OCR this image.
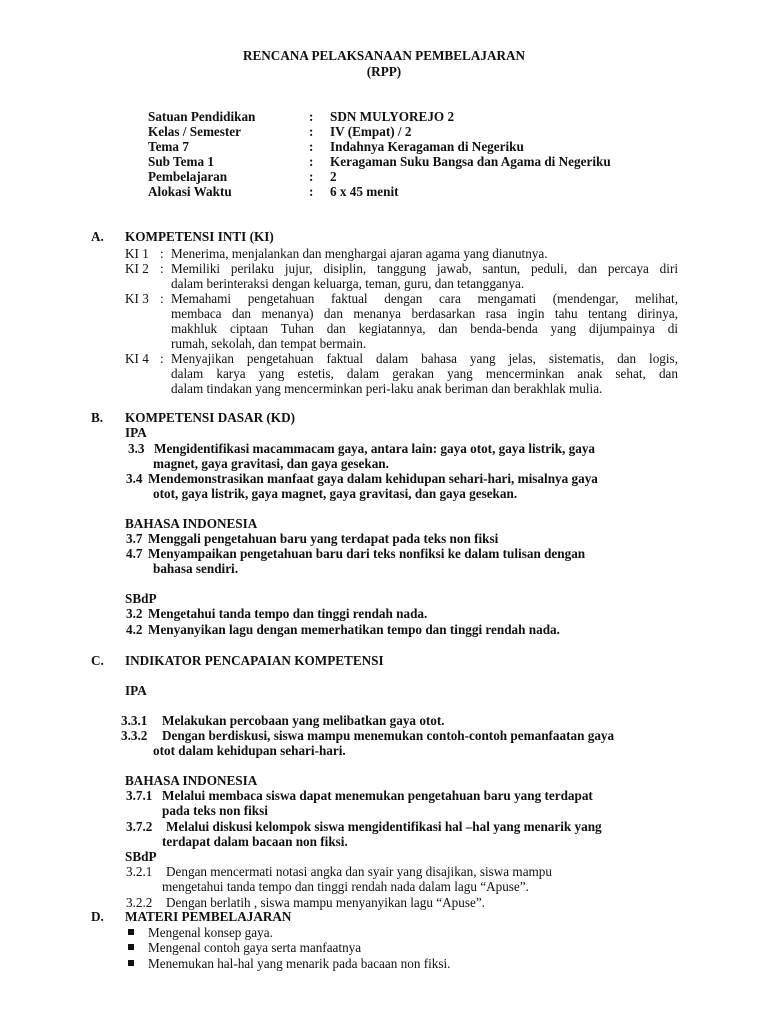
RENCANA PELAKSANAAN PEMBELAJARAN
(RPP)
Satuan Pendidikan	: SDN MULYOREJO 2
Kelas / Semester	: IV (Empat) / 2
Tema 7	: Indahnya Keragaman di Negeriku
Sub Tema 1	: Keragaman Suku Bangsa dan Agama di Negeriku
Pembelajaran	: 2
Alokasi Waktu	: 6 x 45 menit
A. KOMPETENSI INTI (KI)
KI 1 : Menerima, menjalankan dan menghargai ajaran agama yang dianutnya.
KI 2 : Memiliki perilaku jujur, disiplin, tanggung jawab, santun, peduli, dan percaya diri
dalam berinteraksi dengan keluarga, teman, guru, dan tetangganya.
KI 3 : Memahami pengetahuan faktual dengan cara mengamati (mendengar, melihat,
membaca dan menanya) dan menanya berdasarkan rasa ingin tahu tentang dirinya,
makhluk ciptaan Tuhan dan kegiatannya, dan benda-benda yang dijumpainya di
rumah, sekolah, dan tempat bermain.
KI 4 : Menyajikan pengetahuan faktual dalam bahasa yang jelas, sistematis, dan logis,
dalam karya yang estetis, dalam gerakan yang mencerminkan anak sehat, dan
dalam tindakan yang mencerminkan peri-laku anak beriman dan berakhlak mulia.
B. KOMPETENSI DASAR (KD)
IPA
3.3 Mengidentifikasi macammacam gaya, antara lain: gaya otot, gaya listrik, gaya
magnet, gaya gravitasi, dan gaya gesekan.
3.4 Mendemonstrasikan manfaat gaya dalam kehidupan sehari-hari, misalnya gaya
otot, gaya listrik, gaya magnet, gaya gravitasi, dan gaya gesekan.
BAHASA INDONESIA
3.7 Menggali pengetahuan baru yang terdapat pada teks non fiksi
4.7 Menyampaikan pengetahuan baru dari teks nonfiksi ke dalam tulisan dengan
bahasa sendiri.
SBdP
3.2 Mengetahui tanda tempo dan tinggi rendah nada.
4.2 Menyanyikan lagu dengan memerhatikan tempo dan tinggi rendah nada.
C. INDIKATOR PENCAPAIAN KOMPETENSI
IPA
3.3.1 Melakukan percobaan yang melibatkan gaya otot.
3.3.2 Dengan berdiskusi, siswa mampu menemukan contoh-contoh pemanfaatan gaya
otot dalam kehidupan sehari-hari.
BAHASA INDONESIA
3.7.1 Melalui membaca siswa dapat menemukan pengetahuan baru yang terdapat
pada teks non fiksi
3.7.2 Melalui diskusi kelompok siswa mengidentifikasi hal –hal yang menarik yang
terdapat dalam bacaan non fiksi.
SBdP
3.2.1 Dengan mencermati notasi angka dan syair yang disajikan, siswa mampu
mengetahui tanda tempo dan tinggi rendah nada dalam lagu “Apuse”.
3.2.2 Dengan berlatih , siswa mampu menyanyikan lagu “Apuse”.
D. MATERI PEMBELAJARAN
Mengenal konsep gaya.
Mengenal contoh gaya serta manfaatnya
Menemukan hal-hal yang menarik pada bacaan non fiksi.
